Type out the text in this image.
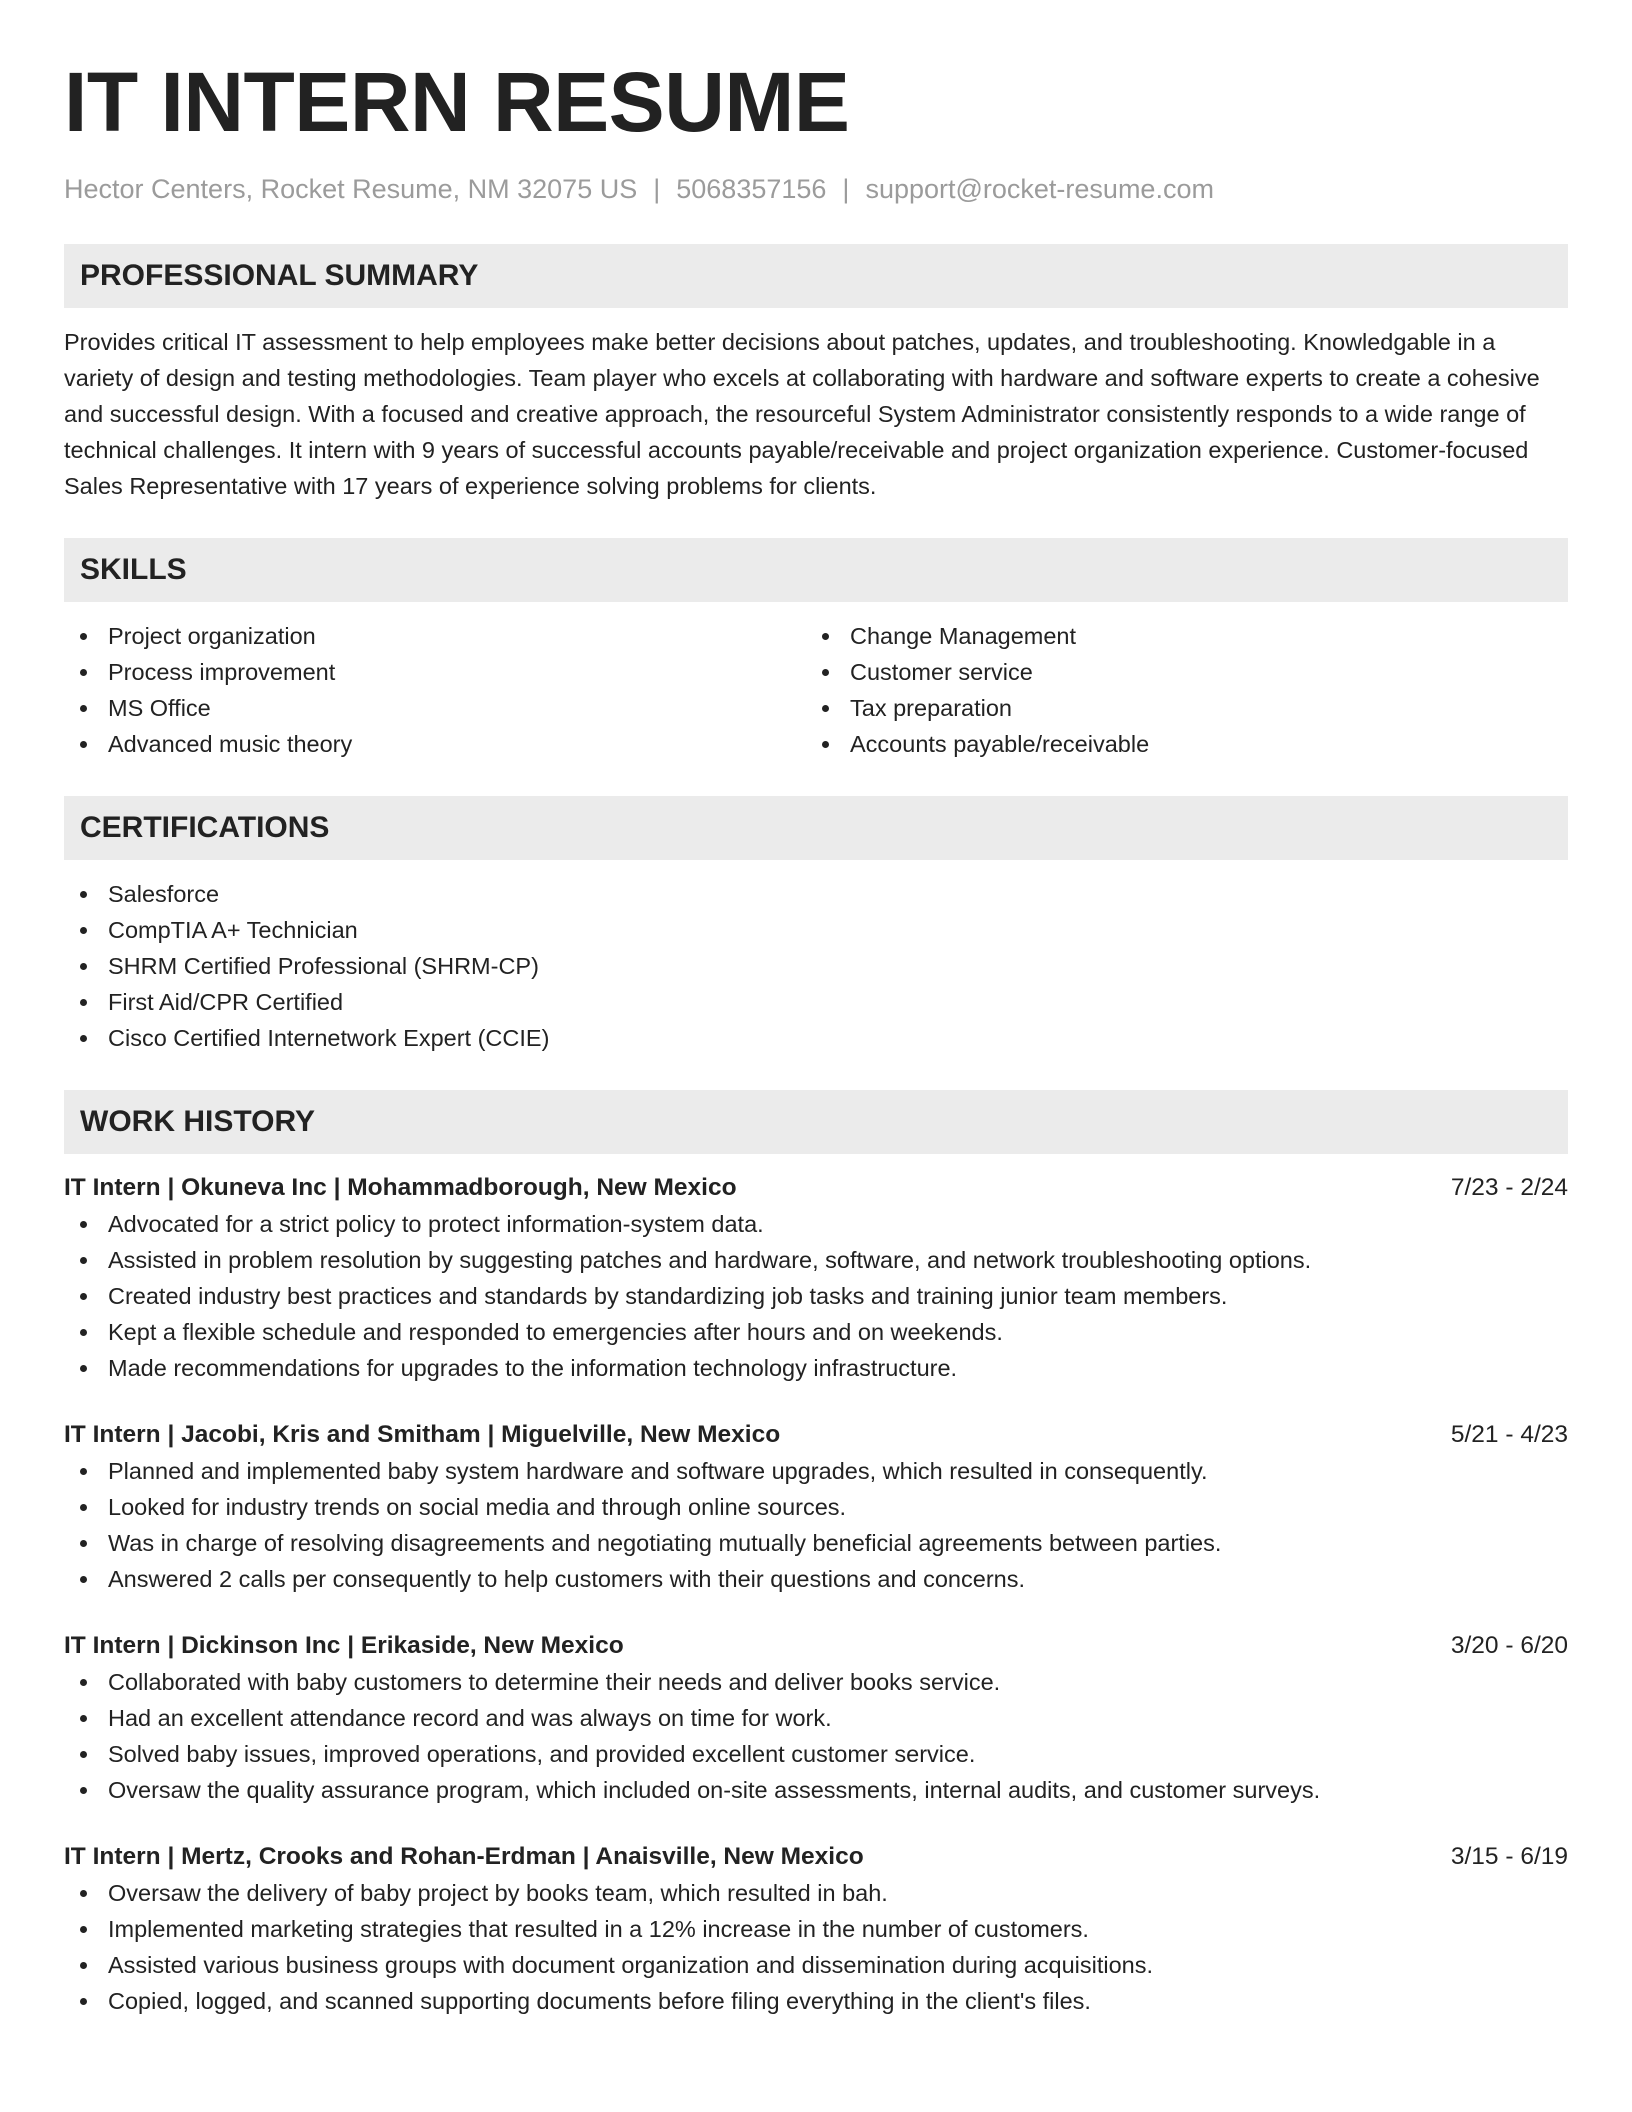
IT INTERN RESUME
Hector Centers, Rocket Resume, NM 32075 US | 5068357156 | support@rocket-resume.com
PROFESSIONAL SUMMARY

Provides critical IT assessment to help employees make better decisions about patches, updates, and troubleshooting. Knowledgable in a variety of design and testing methodologies. Team player who excels at collaborating with hardware and software experts to create a cohesive and successful design. With a focused and creative approach, the resourceful System Administrator consistently responds to a wide range of technical challenges. It intern with 9 years of successful accounts payable/receivable and project organization experience. Customer-focused Sales Representative with 17 years of experience solving problems for clients.

SKILLS
Project organization
Process improvement
MS Office
Advanced music theory
Change Management
Customer service
Tax preparation
Accounts payable/receivable
CERTIFICATIONS
Salesforce
CompTIA A+ Technician
SHRM Certified Professional (SHRM-CP)
First Aid/CPR Certified
Cisco Certified Internetwork Expert (CCIE)
WORK HISTORY
IT Intern | Okuneva Inc | Mohammadborough, New Mexico	7/23 - 2/24
Advocated for a strict policy to protect information-system data.
Assisted in problem resolution by suggesting patches and hardware, software, and network troubleshooting options.
Created industry best practices and standards by standardizing job tasks and training junior team members.
Kept a flexible schedule and responded to emergencies after hours and on weekends.
Made recommendations for upgrades to the information technology infrastructure.
IT Intern | Jacobi, Kris and Smitham | Miguelville, New Mexico	5/21 - 4/23
Planned and implemented baby system hardware and software upgrades, which resulted in consequently.
Looked for industry trends on social media and through online sources.
Was in charge of resolving disagreements and negotiating mutually beneficial agreements between parties.
Answered 2 calls per consequently to help customers with their questions and concerns.
IT Intern | Dickinson Inc | Erikaside, New Mexico	3/20 - 6/20
Collaborated with baby customers to determine their needs and deliver books service.
Had an excellent attendance record and was always on time for work.
Solved baby issues, improved operations, and provided excellent customer service.
Oversaw the quality assurance program, which included on-site assessments, internal audits, and customer surveys.
IT Intern | Mertz, Crooks and Rohan-Erdman | Anaisville, New Mexico	3/15 - 6/19
Oversaw the delivery of baby project by books team, which resulted in bah.
Implemented marketing strategies that resulted in a 12% increase in the number of customers.
Assisted various business groups with document organization and dissemination during acquisitions.
Copied, logged, and scanned supporting documents before filing everything in the client's files.
